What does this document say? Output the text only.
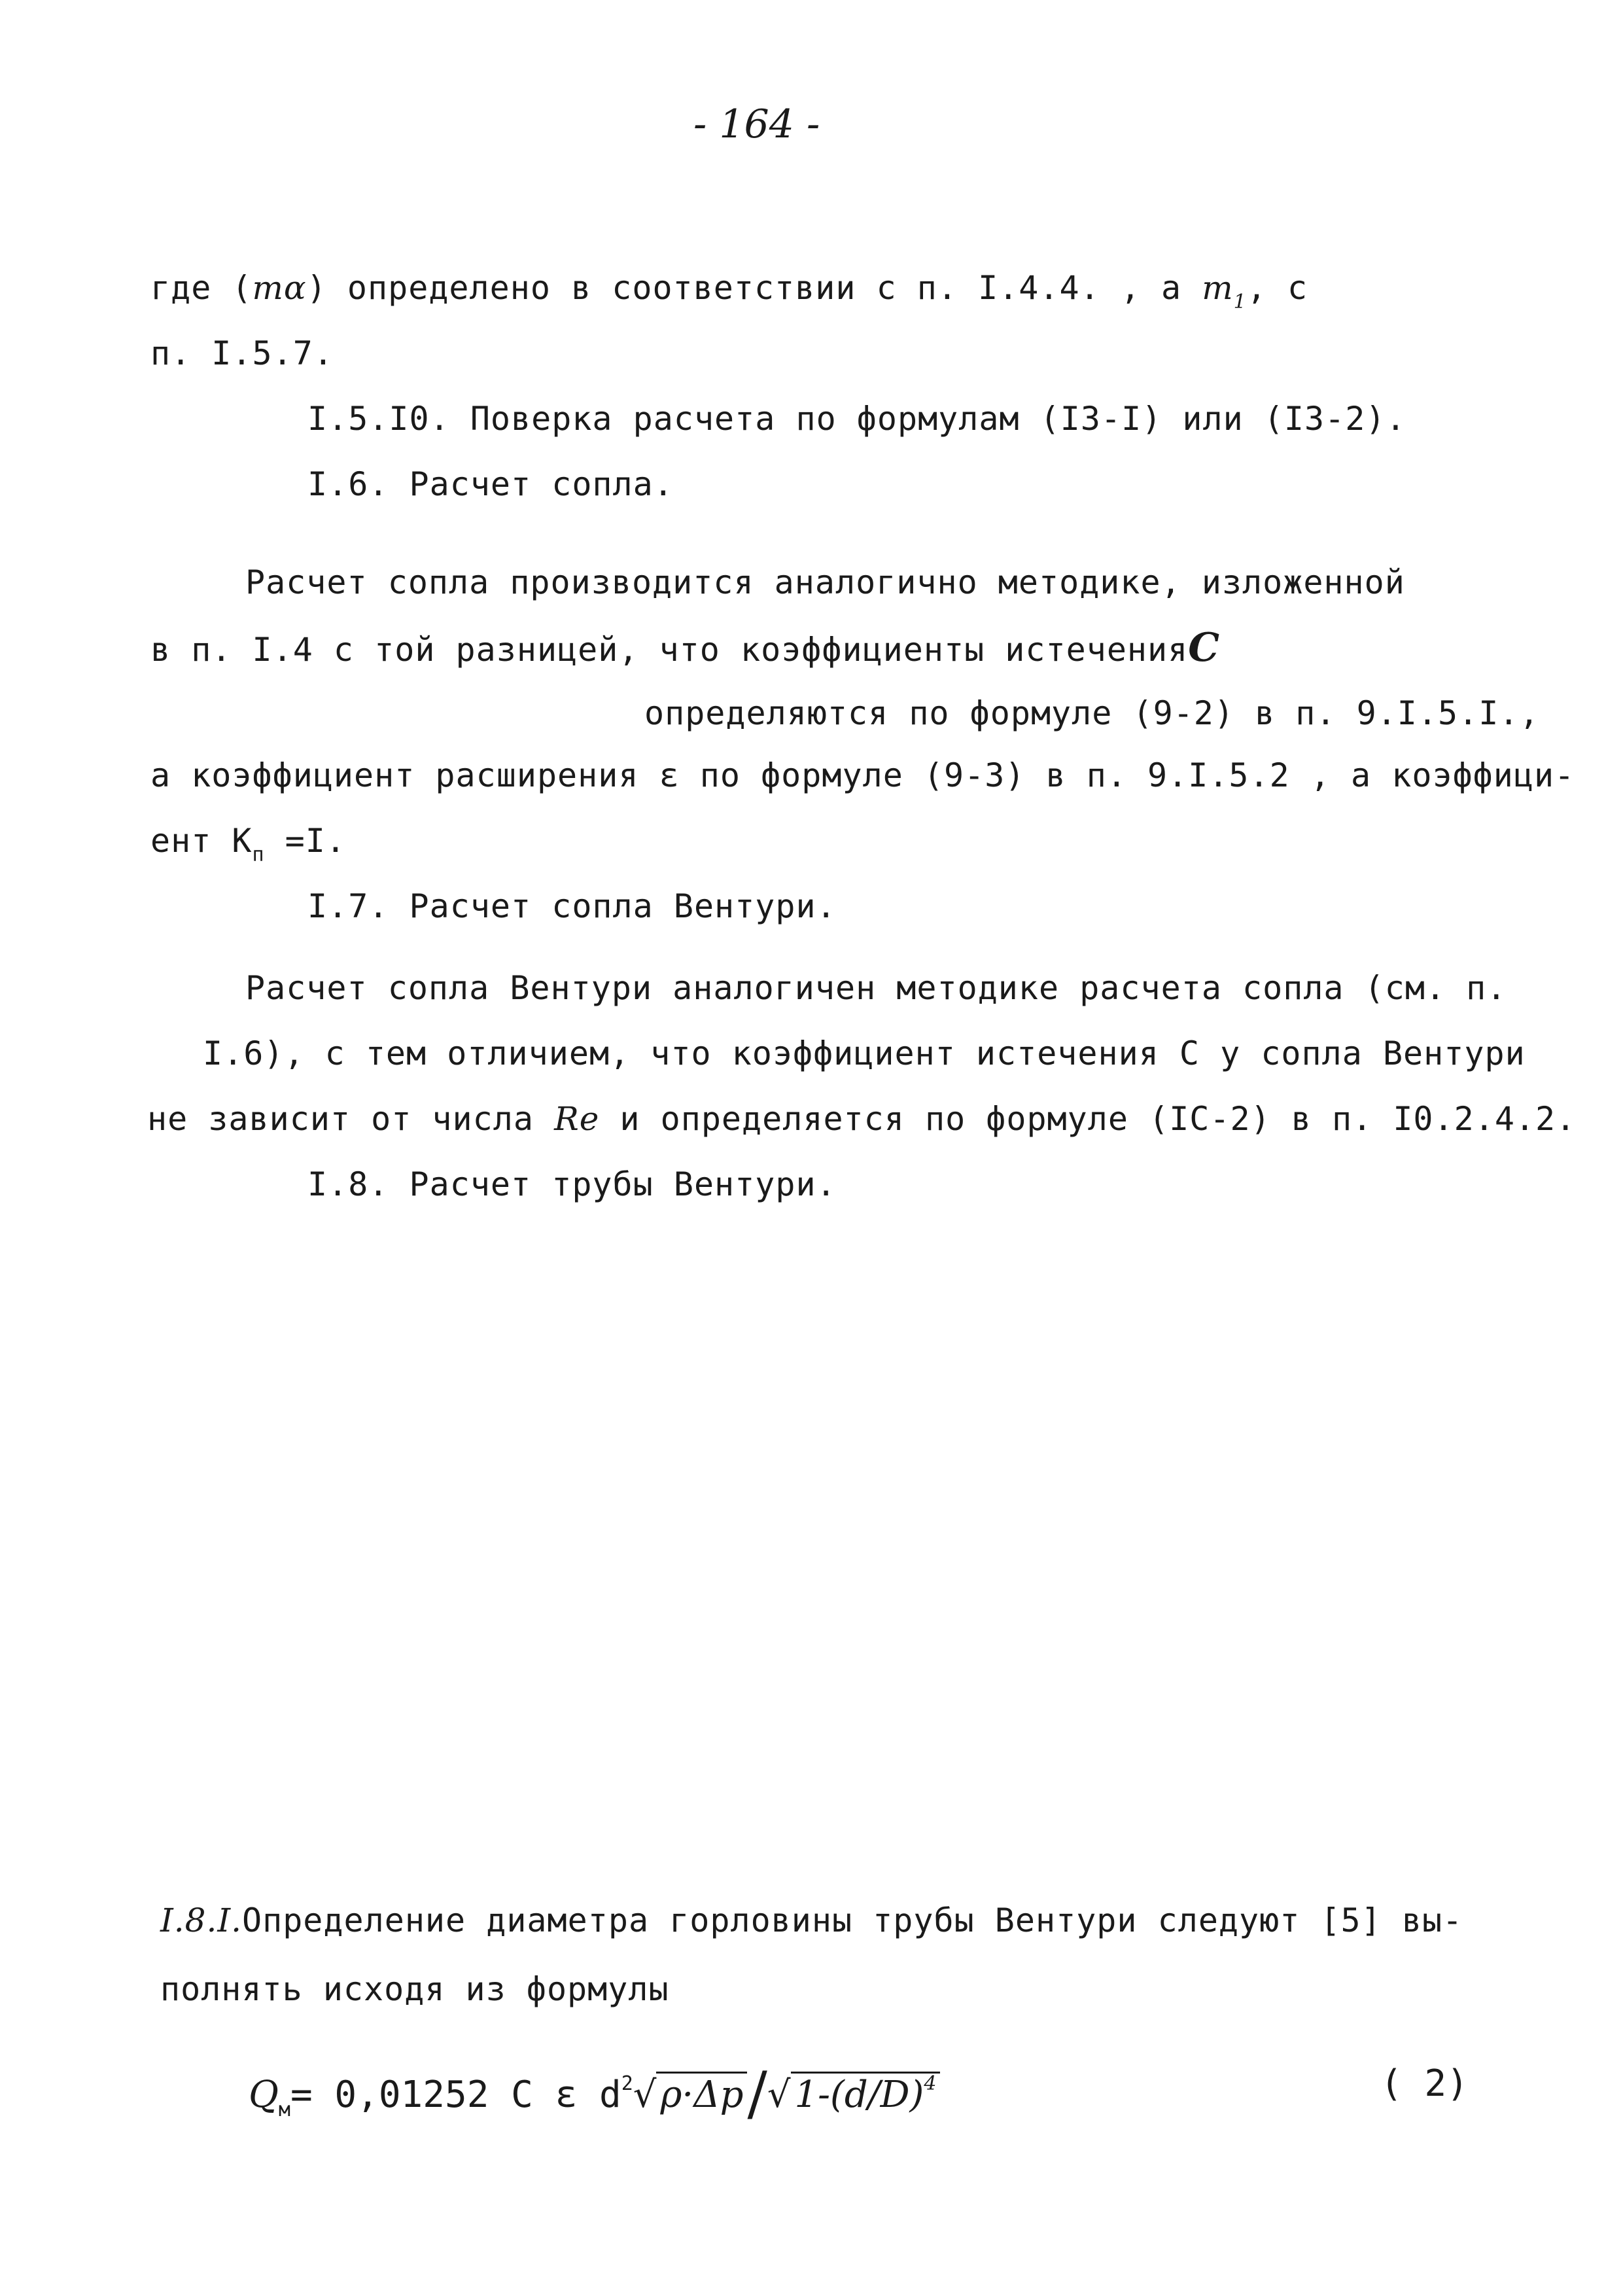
- 164 -
где (mα) определено в соответствии с п. I.4.4. , а $m_1$, с
п. I.5.7.
I.5.I0. Поверка расчета по формулам (I3-I) или (I3-2).
I.6. Расчет сопла.
Расчет сопла производится аналогично методике, изложенной
в п. I.4 с той разницей, что коэффициенты истеченияC
определяются по формуле (9-2) в п. 9.I.5.I.,
а коэффициент расширения ε по формуле (9-3) в п. 9.I.5.2 , а коэффици-
ент $K_п =I$.
I.7. Расчет сопла Вентури.
Расчет сопла Вентури аналогичен методике расчета сопла (см. п.
I.6), с тем отличием, что коэффициент истечения C у сопла Вентури
не зависит от числа Re и определяется по формуле (IC-2) в п. I0.2.4.2.
I.8. Расчет трубы Вентури.
I.8.I.Определение диаметра горловины трубы Вентури следуют [5] вы-
полнять исходя из формулы
$Q_м= 0,01252$ C ε $d^2√$ ρ·Δp/√ $1-(d/D)^4$	( 2)
